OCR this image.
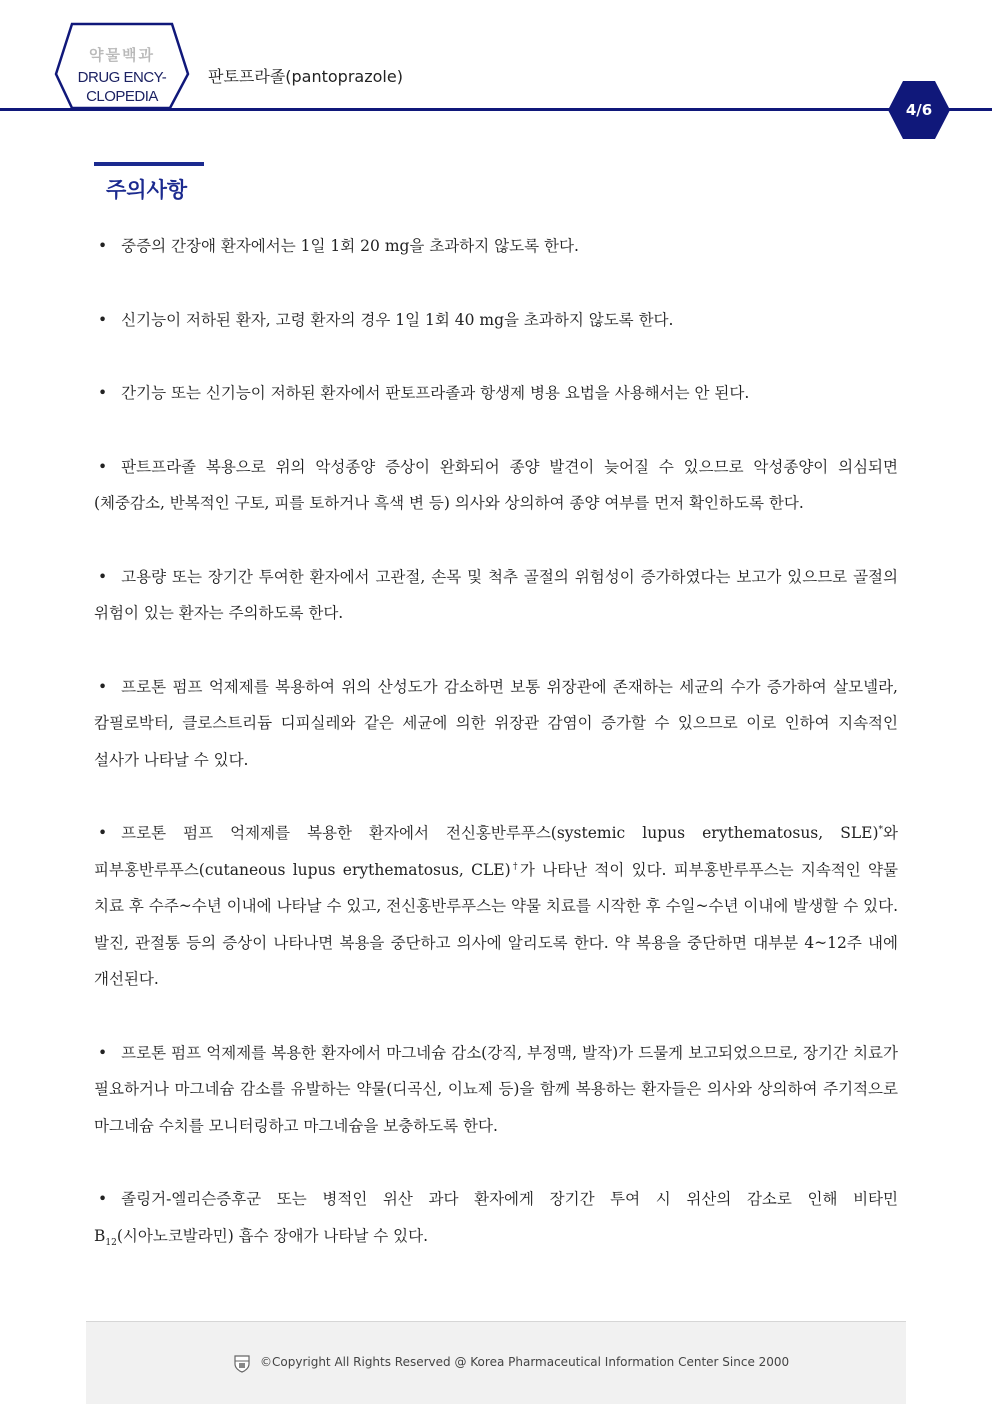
약물백과
DRUG ENCY-
CLOPEDIA
판토프라졸(pantoprazole)
4/6
주의사항

• 중증의 간장애 환자에서는 1일 1회 20 mg을 초과하지 않도록 한다.

• 신기능이 저하된 환자, 고령 환자의 경우 1일 1회 40 mg을 초과하지 않도록 한다.

• 간기능 또는 신기능이 저하된 환자에서 판토프라졸과 항생제 병용 요법을 사용해서는 안 된다.

• 판트프라졸 복용으로 위의 악성종양 증상이 완화되어 종양 발견이 늦어질 수 있으므로 악성종양이 의심되면(체중감소, 반복적인 구토, 피를 토하거나 흑색 변 등) 의사와 상의하여 종양 여부를 먼저 확인하도록 한다.

• 고용량 또는 장기간 투여한 환자에서 고관절, 손목 및 척추 골절의 위험성이 증가하였다는 보고가 있으므로 골절의 위험이 있는 환자는 주의하도록 한다.

• 프로톤 펌프 억제제를 복용하여 위의 산성도가 감소하면 보통 위장관에 존재하는 세균의 수가 증가하여 살모넬라, 캄필로박터, 클로스트리듐 디피실레와 같은 세균에 의한 위장관 감염이 증가할 수 있으므로 이로 인하여 지속적인 설사가 나타날 수 있다.

• 프로톤 펌프 억제제를 복용한 환자에서 전신홍반루푸스(systemic lupus erythematosus, SLE)*와 피부홍반루푸스(cutaneous lupus erythematosus, CLE)†가 나타난 적이 있다. 피부홍반루푸스는 지속적인 약물 치료 후 수주~수년 이내에 나타날 수 있고, 전신홍반루푸스는 약물 치료를 시작한 후 수일~수년 이내에 발생할 수 있다. 발진, 관절통 등의 증상이 나타나면 복용을 중단하고 의사에 알리도록 한다. 약 복용을 중단하면 대부분 4~12주 내에 개선된다.

• 프로톤 펌프 억제제를 복용한 환자에서 마그네슘 감소(강직, 부정맥, 발작)가 드물게 보고되었으므로, 장기간 치료가 필요하거나 마그네슘 감소를 유발하는 약물(디곡신, 이뇨제 등)을 함께 복용하는 환자들은 의사와 상의하여 주기적으로 마그네슘 수치를 모니터링하고 마그네슘을 보충하도록 한다.

• 졸링거-엘리슨증후군 또는 병적인 위산 과다 환자에게 장기간 투여 시 위산의 감소로 인해 비타민 $B_{12}$(시아노코발라민) 흡수 장애가 나타날 수 있다.

©Copyright All Rights Reserved @ Korea Pharmaceutical Information Center Since 2000
